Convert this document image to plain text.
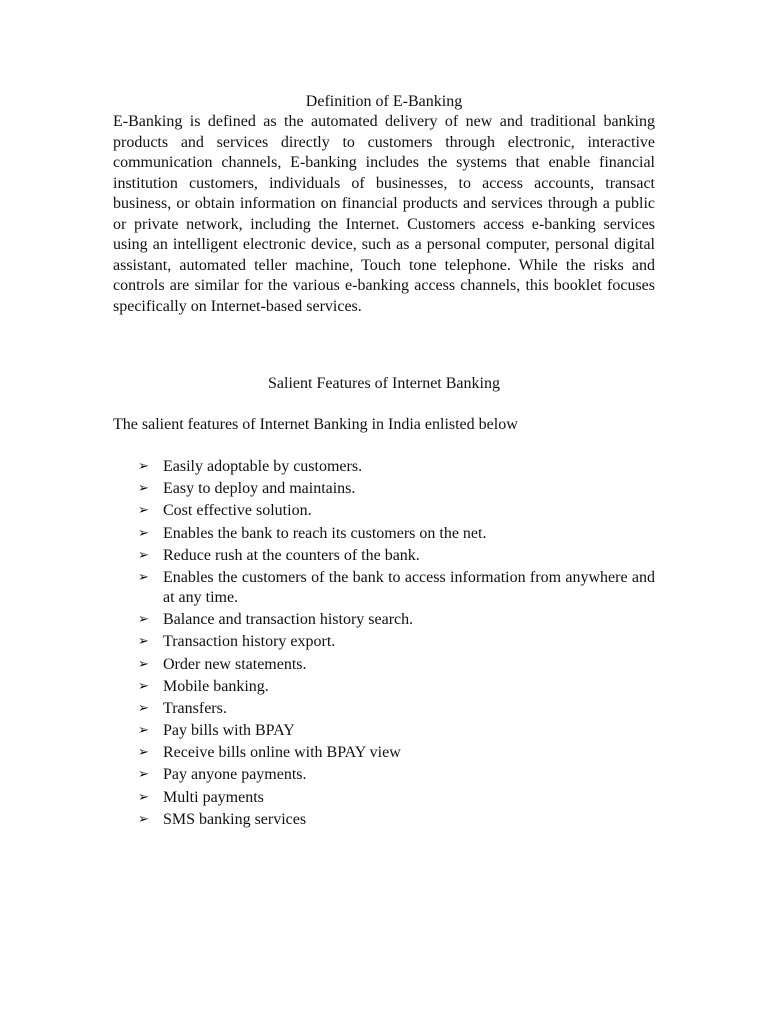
Definition of E-Banking

E-Banking is defined as the automated delivery of new and traditional banking products and services directly to customers through electronic, interactive communication channels, E-banking includes the systems that enable financial institution customers, individuals of businesses, to access accounts, transact business, or obtain information on financial products and services through a public or private network, including the Internet. Customers access e-banking services using an intelligent electronic device, such as a personal computer, personal digital assistant, automated teller machine, Touch tone telephone. While the risks and controls are similar for the various e-banking access channels, this booklet focuses specifically on Internet-based services.

Salient Features of Internet Banking

The salient features of Internet Banking in India enlisted below

➢ Easily adoptable by customers.
➢ Easy to deploy and maintains.
➢ Cost effective solution.
➢ Enables the bank to reach its customers on the net.
➢ Reduce rush at the counters of the bank.
➢ Enables the customers of the bank to access information from anywhere and at any time.
➢ Balance and transaction history search.
➢ Transaction history export.
➢ Order new statements.
➢ Mobile banking.
➢ Transfers.
➢ Pay bills with BPAY
➢ Receive bills online with BPAY view
➢ Pay anyone payments.
➢ Multi payments
➢ SMS banking services
